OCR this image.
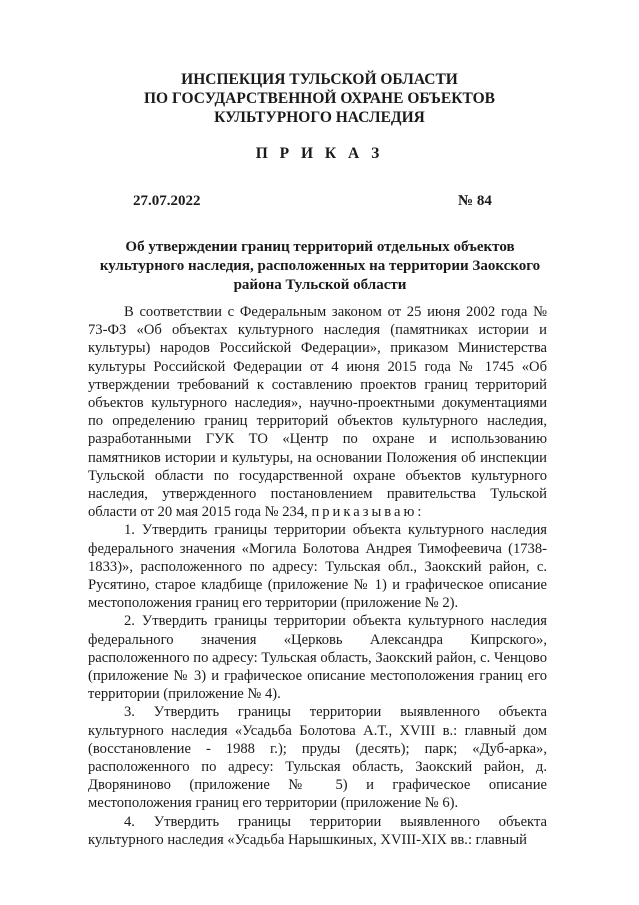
ИНСПЕКЦИЯ ТУЛЬСКОЙ ОБЛАСТИ
ПО ГОСУДАРСТВЕННОЙ ОХРАНЕ ОБЪЕКТОВ
КУЛЬТУРНОГО НАСЛЕДИЯ
П Р И К А З
27.07.2022	№ 84
Об утверждении границ территорий отдельных объектов
культурного наследия, расположенных на территории Заокского
района Тульской области

В соответствии с Федеральным законом от 25 июня 2002 года № 73-ФЗ «Об объектах культурного наследия (памятниках истории и культуры) народов Российской Федерации», приказом Министерства культуры Российской Федерации от 4 июня 2015 года № 1745 «Об утверждении требований к составлению проектов границ территорий объектов культурного наследия», научно-проектными документациями по определению границ территорий объектов культурного наследия, разработанными ГУК ТО «Центр по охране и использованию памятников истории и культуры, на основании Положения об инспекции Тульской области по государственной охране объектов культурного наследия, утвержденного постановлением правительства Тульской области от 20 мая 2015 года № 234, приказываю:

1. Утвердить границы территории объекта культурного наследия федерального значения «Могила Болотова Андрея Тимофеевича (1738-1833)», расположенного по адресу: Тульская обл., Заокский район, с. Русятино, старое кладбище (приложение № 1) и графическое описание местоположения границ его территории (приложение № 2).

2. Утвердить границы территории объекта культурного наследия федерального значения «Церковь Александра Кипрского», расположенного по адресу: Тульская область, Заокский район, с. Ченцово (приложение № 3) и графическое описание местоположения границ его территории (приложение № 4).

3. Утвердить границы территории выявленного объекта культурного наследия «Усадьба Болотова А.Т., XVIII в.: главный дом (восстановление - 1988 г.); пруды (десять); парк; «Дуб-арка», расположенного по адресу: Тульская область, Заокский район, д. Дворяниново (приложение № 5) и графическое описание местоположения границ его территории (приложение № 6).

4. Утвердить границы территории выявленного объекта культурного наследия «Усадьба Нарышкиных, XVIII-XIX вв.: главный
